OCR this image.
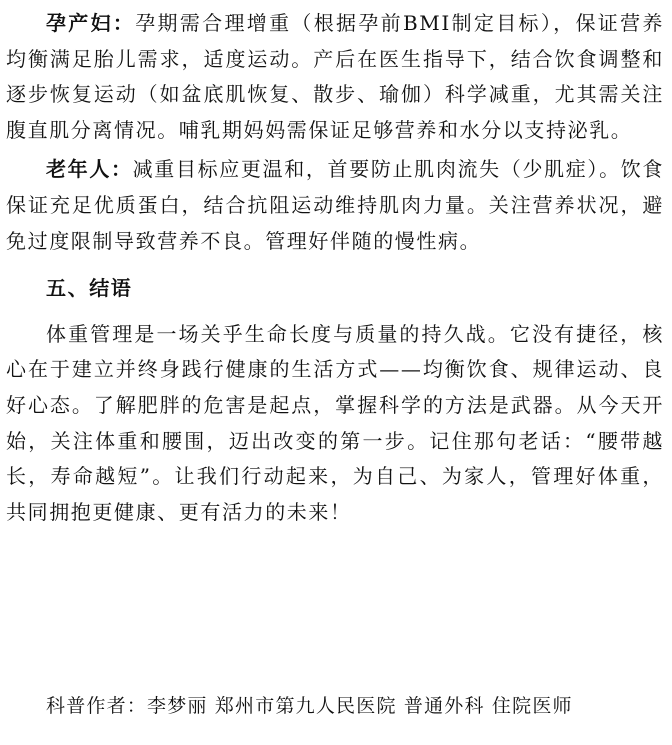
孕产妇：孕期需合理增重（根据孕前BMI制定目标），保证营养均衡满足胎儿需求，适度运动。产后在医生指导下，结合饮食调整和逐步恢复运动（如盆底肌恢复、散步、瑜伽）科学减重，尤其需关注腹直肌分离情况。哺乳期妈妈需保证足够营养和水分以支持泌乳。

老年人：减重目标应更温和，首要防止肌肉流失（少肌症）。饮食保证充足优质蛋白，结合抗阻运动维持肌肉力量。关注营养状况，避免过度限制导致营养不良。管理好伴随的慢性病。

五、结语

体重管理是一场关乎生命长度与质量的持久战。它没有捷径，核心在于建立并终身践行健康的生活方式——均衡饮食、规律运动、良好心态。了解肥胖的危害是起点，掌握科学的方法是武器。从今天开始，关注体重和腰围，迈出改变的第一步。记住那句老话：“腰带越长，寿命越短”。让我们行动起来，为自己、为家人，管理好体重，共同拥抱更健康、更有活力的未来！

科普作者：李梦丽 郑州市第九人民医院 普通外科 住院医师
